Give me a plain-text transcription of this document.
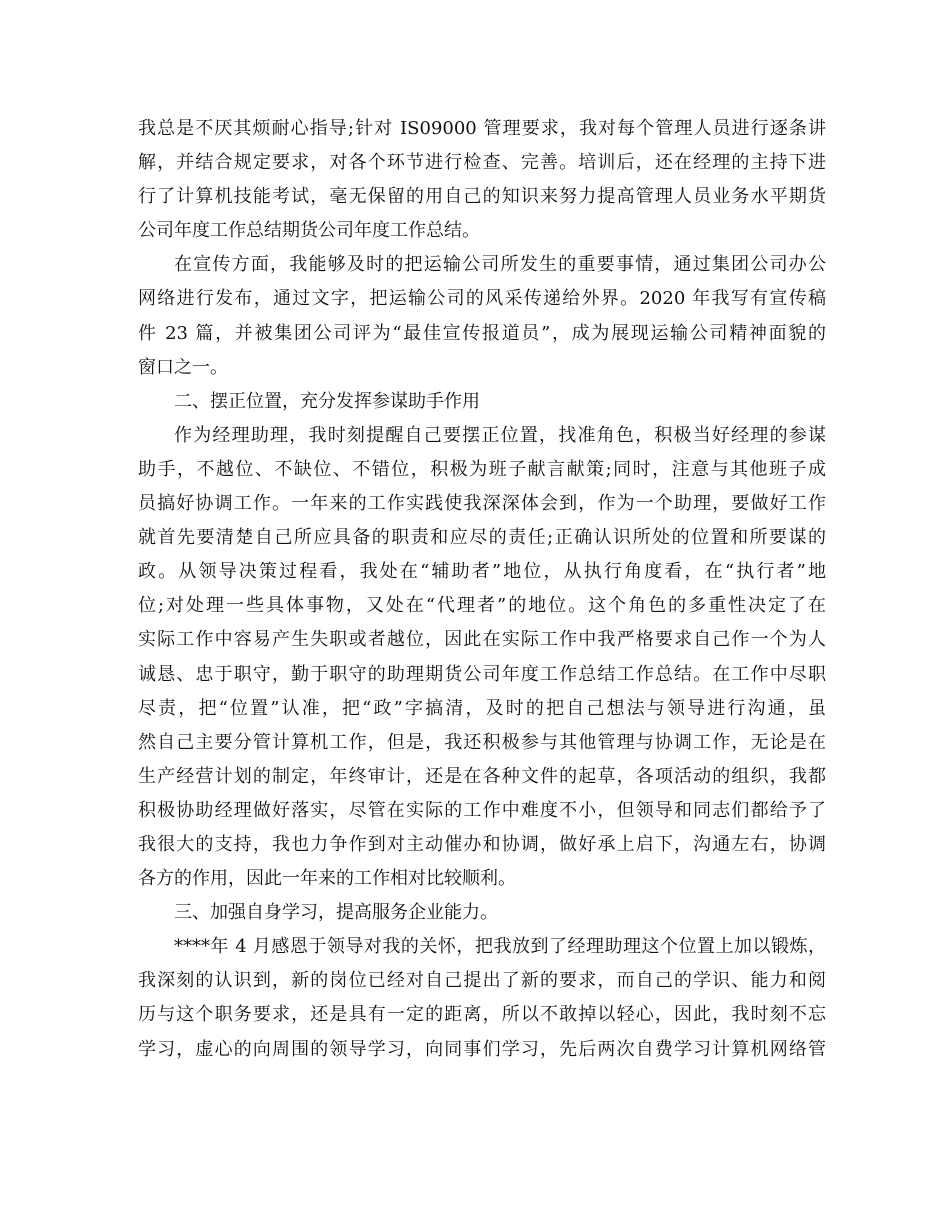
我总是不厌其烦耐心指导;针对 IS09000 管理要求，我对每个管理人员进行逐条讲
解，并结合规定要求，对各个环节进行检查、完善。培训后，还在经理的主持下进
行了计算机技能考试，毫无保留的用自己的知识来努力提高管理人员业务水平期货
公司年度工作总结期货公司年度工作总结。
在宣传方面，我能够及时的把运输公司所发生的重要事情，通过集团公司办公
网络进行发布，通过文字，把运输公司的风采传递给外界。2020 年我写有宣传稿
件 23 篇，并被集团公司评为“最佳宣传报道员”，成为展现运输公司精神面貌的
窗口之一。
二、摆正位置，充分发挥参谋助手作用
作为经理助理，我时刻提醒自己要摆正位置，找准角色，积极当好经理的参谋
助手，不越位、不缺位、不错位，积极为班子献言献策;同时，注意与其他班子成
员搞好协调工作。一年来的工作实践使我深深体会到，作为一个助理，要做好工作
就首先要清楚自己所应具备的职责和应尽的责任;正确认识所处的位置和所要谋的
政。从领导决策过程看，我处在“辅助者”地位，从执行角度看，在“执行者”地
位;对处理一些具体事物，又处在“代理者”的地位。这个角色的多重性决定了在
实际工作中容易产生失职或者越位，因此在实际工作中我严格要求自己作一个为人
诚恳、忠于职守，勤于职守的助理期货公司年度工作总结工作总结。在工作中尽职
尽责，把“位置”认准，把“政”字搞清，及时的把自己想法与领导进行沟通，虽
然自己主要分管计算机工作，但是，我还积极参与其他管理与协调工作，无论是在
生产经营计划的制定，年终审计，还是在各种文件的起草，各项活动的组织，我都
积极协助经理做好落实，尽管在实际的工作中难度不小，但领导和同志们都给予了
我很大的支持，我也力争作到对主动催办和协调，做好承上启下，沟通左右，协调
各方的作用，因此一年来的工作相对比较顺利。
三、加强自身学习，提高服务企业能力。
****年 4 月感恩于领导对我的关怀，把我放到了经理助理这个位置上加以锻炼，
我深刻的认识到，新的岗位已经对自己提出了新的要求，而自己的学识、能力和阅
历与这个职务要求，还是具有一定的距离，所以不敢掉以轻心，因此，我时刻不忘
学习，虚心的向周围的领导学习，向同事们学习，先后两次自费学习计算机网络管
